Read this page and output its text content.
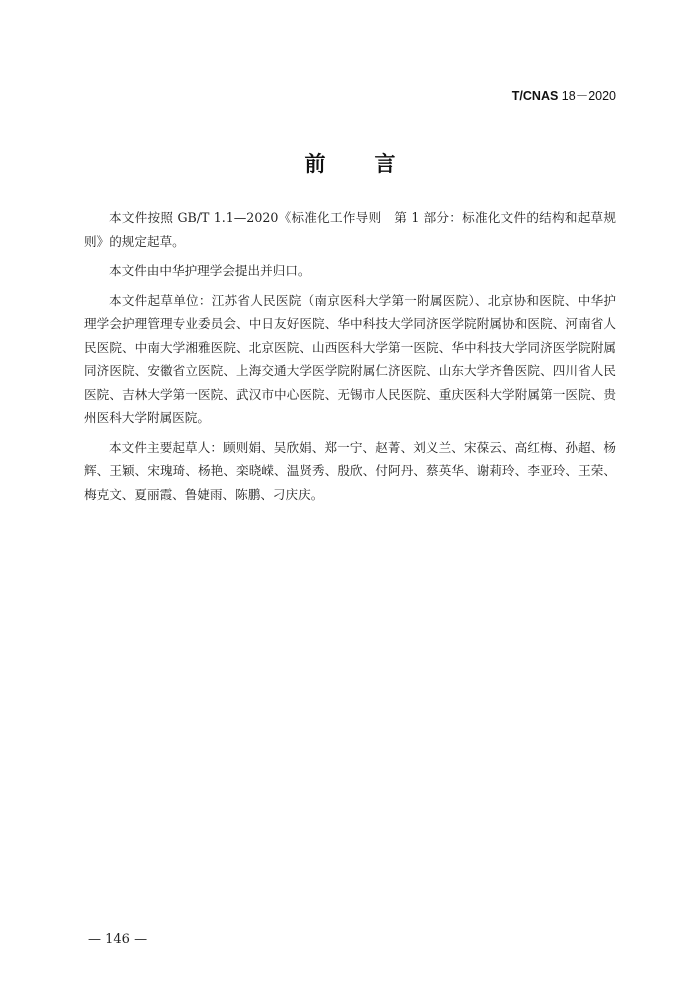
T/CNAS 18－2020
前　言

本文件按照 GB/T 1.1—2020《标准化工作导则　第 1 部分：标准化文件的结构和起草规则》的规定起草。

本文件由中华护理学会提出并归口。

本文件起草单位：江苏省人民医院（南京医科大学第一附属医院）、北京协和医院、中华护理学会护理管理专业委员会、中日友好医院、华中科技大学同济医学院附属协和医院、河南省人民医院、中南大学湘雅医院、北京医院、山西医科大学第一医院、华中科技大学同济医学院附属同济医院、安徽省立医院、上海交通大学医学院附属仁济医院、山东大学齐鲁医院、四川省人民医院、吉林大学第一医院、武汉市中心医院、无锡市人民医院、重庆医科大学附属第一医院、贵州医科大学附属医院。

本文件主要起草人：顾则娟、吴欣娟、郑一宁、赵菁、刘义兰、宋葆云、高红梅、孙超、杨辉、王颖、宋瑰琦、杨艳、栾晓嵘、温贤秀、殷欣、付阿丹、蔡英华、谢莉玲、李亚玲、王荣、梅克文、夏丽霞、鲁婕雨、陈鹏、刁庆庆。

— 146 —
